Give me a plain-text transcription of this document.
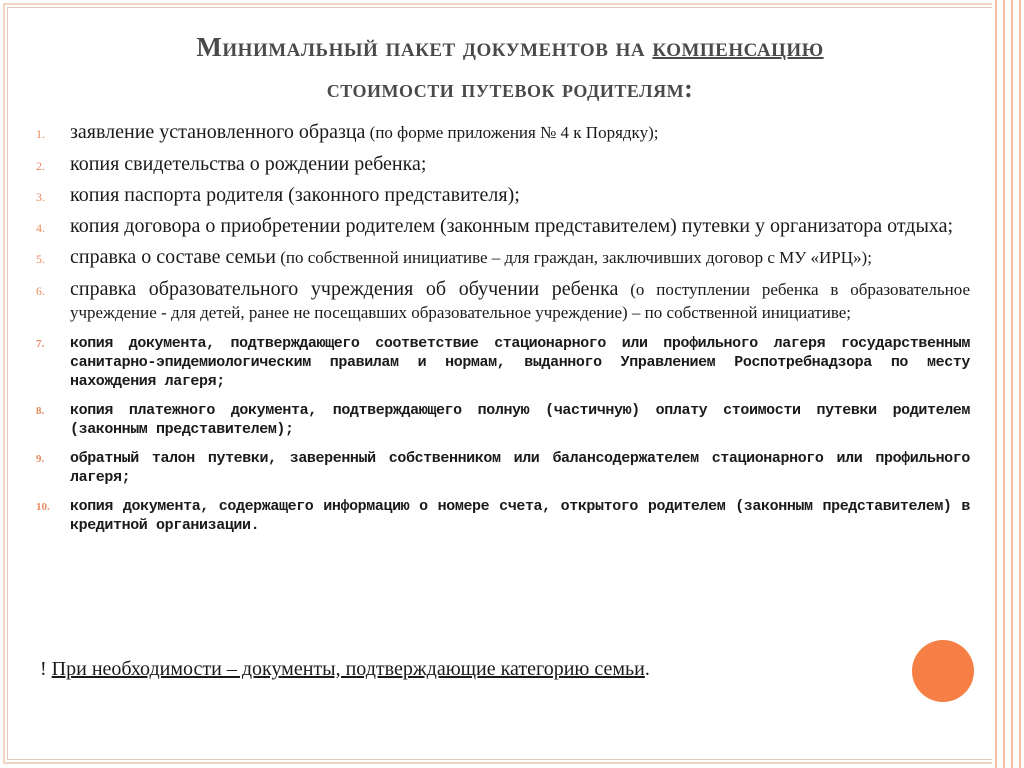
Минимальный пакет документов на компенсацию
стоимости путевок родителям:
1.	заявление установленного образца (по форме приложения № 4 к Порядку);
2.	копия свидетельства о рождении ребенка;
3.	копия паспорта родителя (законного представителя);
4.	копия договора о приобретении родителем (законным представителем) путевки у организатора отдыха;
5.	справка о составе семьи (по собственной инициативе – для граждан, заключивших договор с МУ «ИРЦ»);
6.	справка образовательного учреждения об обучении ребенка (о поступлении ребенка в образовательное учреждение - для детей, ранее не посещавших образовательное учреждение) – по собственной инициативе;
7.	копия документа, подтверждающего соответствие стационарного или профильного лагеря государственным санитарно-эпидемиологическим правилам и нормам, выданного Управлением Роспотребнадзора по месту нахождения лагеря;
8.	копия платежного документа, подтверждающего полную (частичную) оплату стоимости путевки родителем (законным представителем);
9.	обратный талон путевки, заверенный собственником или балансодержателем стационарного или профильного лагеря;
10.	копия документа, содержащего информацию о номере счета, открытого родителем (законным представителем) в кредитной организации.
! При необходимости – документы, подтверждающие категорию семьи.
